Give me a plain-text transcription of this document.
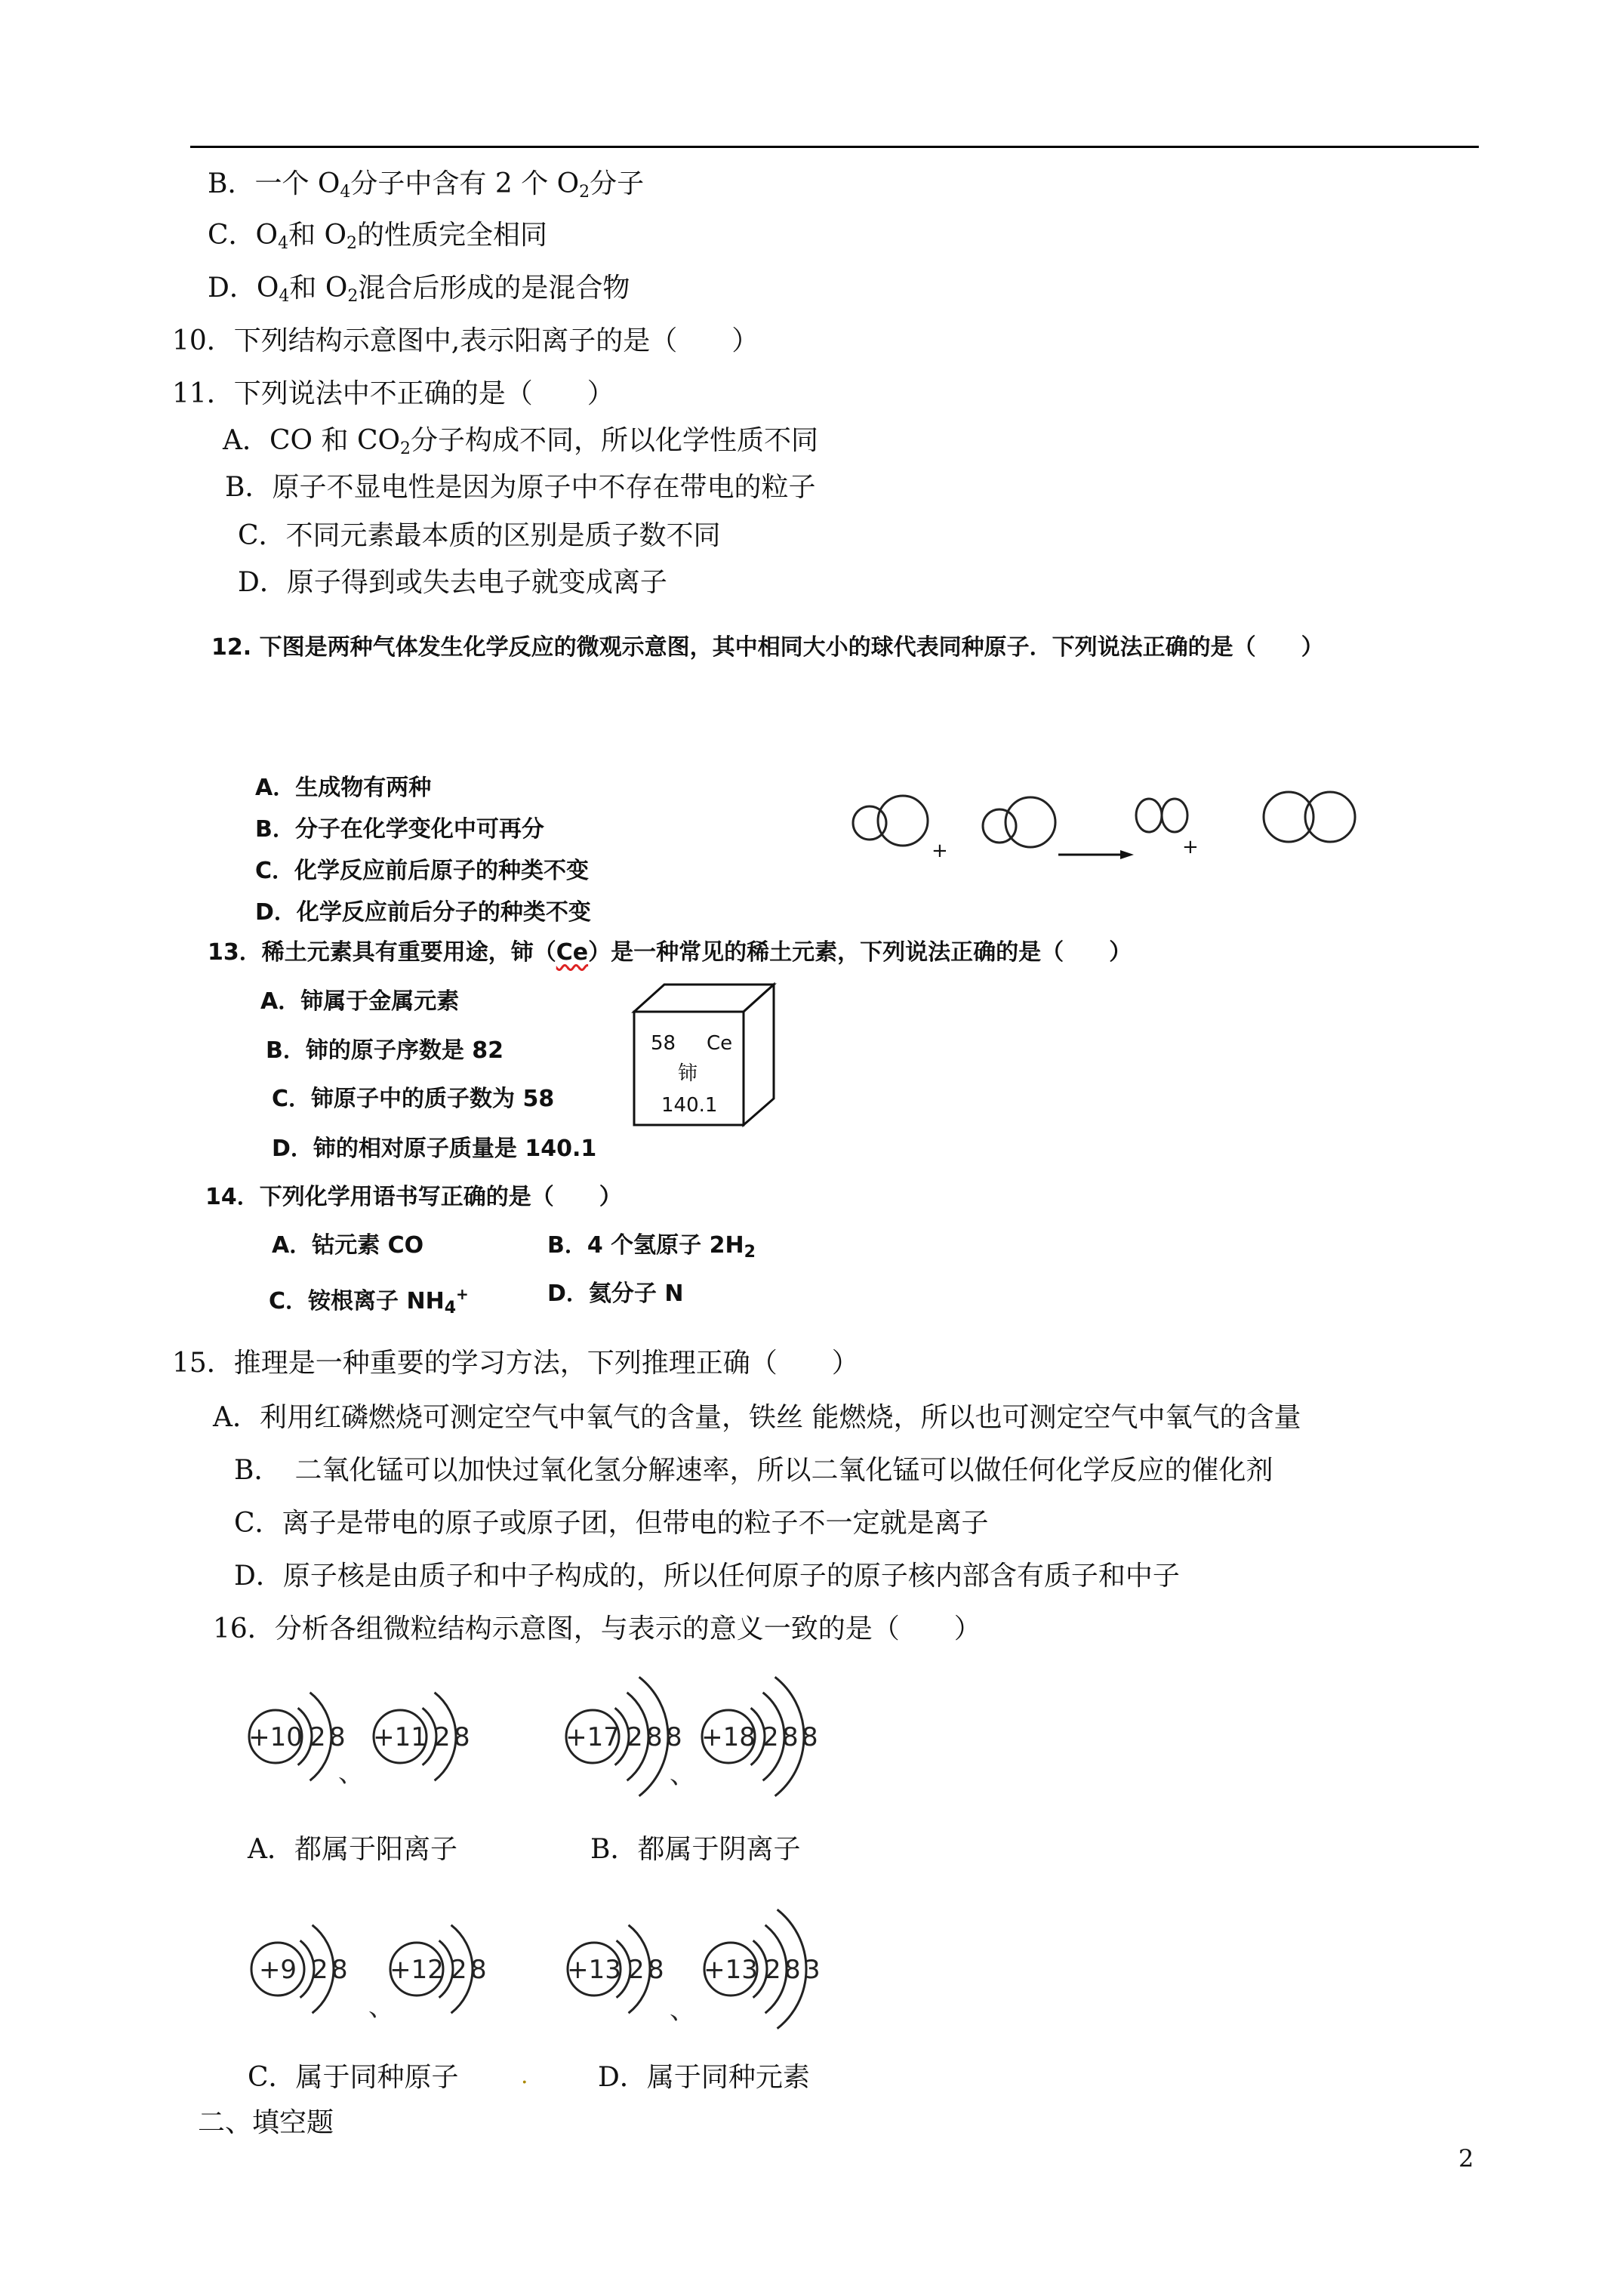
B．一个 $O_4$分子中含有 2 个 $O_2$分子
C．$O_4$和 $O_2$的性质完全相同
D．$O_4$和 $O_2$混合后形成的是混合物
10．下列结构示意图中,表示阳离子的是（　　）
11．下列说法中不正确的是（　　）
A．CO 和 $CO_2$分子构成不同，所以化学性质不同
B．原子不显电性是因为原子中不存在带电的粒子
C．不同元素最本质的区别是质子数不同
D．原子得到或失去电子就变成离子
12. 下图是两种气体发生化学反应的微观示意图，其中相同大小的球代表同种原子．下列说法正确的是（　　）
A．生成物有两种
B．分子在化学变化中可再分
C．化学反应前后原子的种类不变
D．化学反应前后分子的种类不变
+	+
13．稀土元素具有重要用途，铈（Ce）是一种常见的稀土元素，下列说法正确的是（　　）
A．铈属于金属元素
B．铈的原子序数是 82
C．铈原子中的质子数为 58
D．铈的相对原子质量是 140.1
58 Ce
铈
140.1
14．下列化学用语书写正确的是（　　）
A．钴元素 CO	B．4 个氢原子 $2H_2$
C．铵根离子 $NH_4^+$	D．氦分子 N
15．推理是一种重要的学习方法，下列推理正确（　　）
A．利用红磷燃烧可测定空气中氧气的含量，铁丝 能燃烧，所以也可测定空气中氧气的含量
B．　二氧化锰可以加快过氧化氢分解速率，所以二氧化锰可以做任何化学反应的催化剂
C．离子是带电的原子或原子团，但带电的粒子不一定就是离子
D．原子核是由质子和中子构成的，所以任何原子的原子核内部含有质子和中子
16．分析各组微粒结构示意图，与表示的意义一致的是（　　）
+10 2 8 +11 2 8	+17 2 8 8 +18 2 8 8
+9 2 8 +12 2 8	+13 2 8 +13 2 8 3
、	、
、	、
A．都属于阳离子	B．都属于阴离子
C．属于同种原子	.	D．属于同种元素
二、填空题
2
